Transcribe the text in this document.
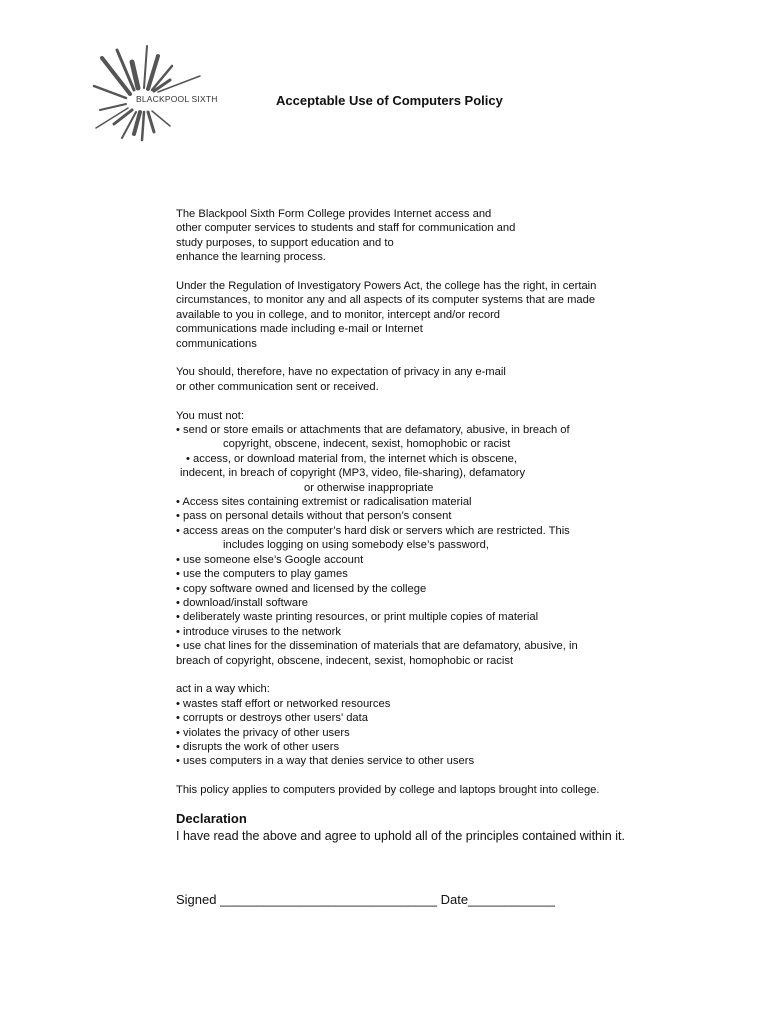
BLACKPOOL SIXTH	Acceptable Use of Computers Policy
The Blackpool Sixth Form College provides Internet access and
other computer services to students and staff for communication and
study purposes, to support education and to
enhance the learning process.
Under the Regulation of Investigatory Powers Act, the college has the right, in certain
circumstances, to monitor any and all aspects of its computer systems that are made
available to you in college, and to monitor, intercept and/or record
communications made including e-mail or Internet
communications
You should, therefore, have no expectation of privacy in any e-mail
or other communication sent or received.
You must not:
• send or store emails or attachments that are defamatory, abusive, in breach of
copyright, obscene, indecent, sexist, homophobic or racist
• access, or download material from, the internet which is obscene,
indecent, in breach of copyright (MP3, video, file-sharing), defamatory
or otherwise inappropriate
• Access sites containing extremist or radicalisation material
• pass on personal details without that person’s consent
• access areas on the computer’s hard disk or servers which are restricted. This
includes logging on using somebody else’s password,
• use someone else’s Google account
• use the computers to play games
• copy software owned and licensed by the college
• download/install software
• deliberately waste printing resources, or print multiple copies of material
• introduce viruses to the network
• use chat lines for the dissemination of materials that are defamatory, abusive, in
breach of copyright, obscene, indecent, sexist, homophobic or racist
act in a way which:
• wastes staff effort or networked resources
• corrupts or destroys other users' data
• violates the privacy of other users
• disrupts the work of other users
• uses computers in a way that denies service to other users
This policy applies to computers provided by college and laptops brought into college.
Declaration
I have read the above and agree to uphold all of the principles contained within it.
Signed ______________________________ Date____________
